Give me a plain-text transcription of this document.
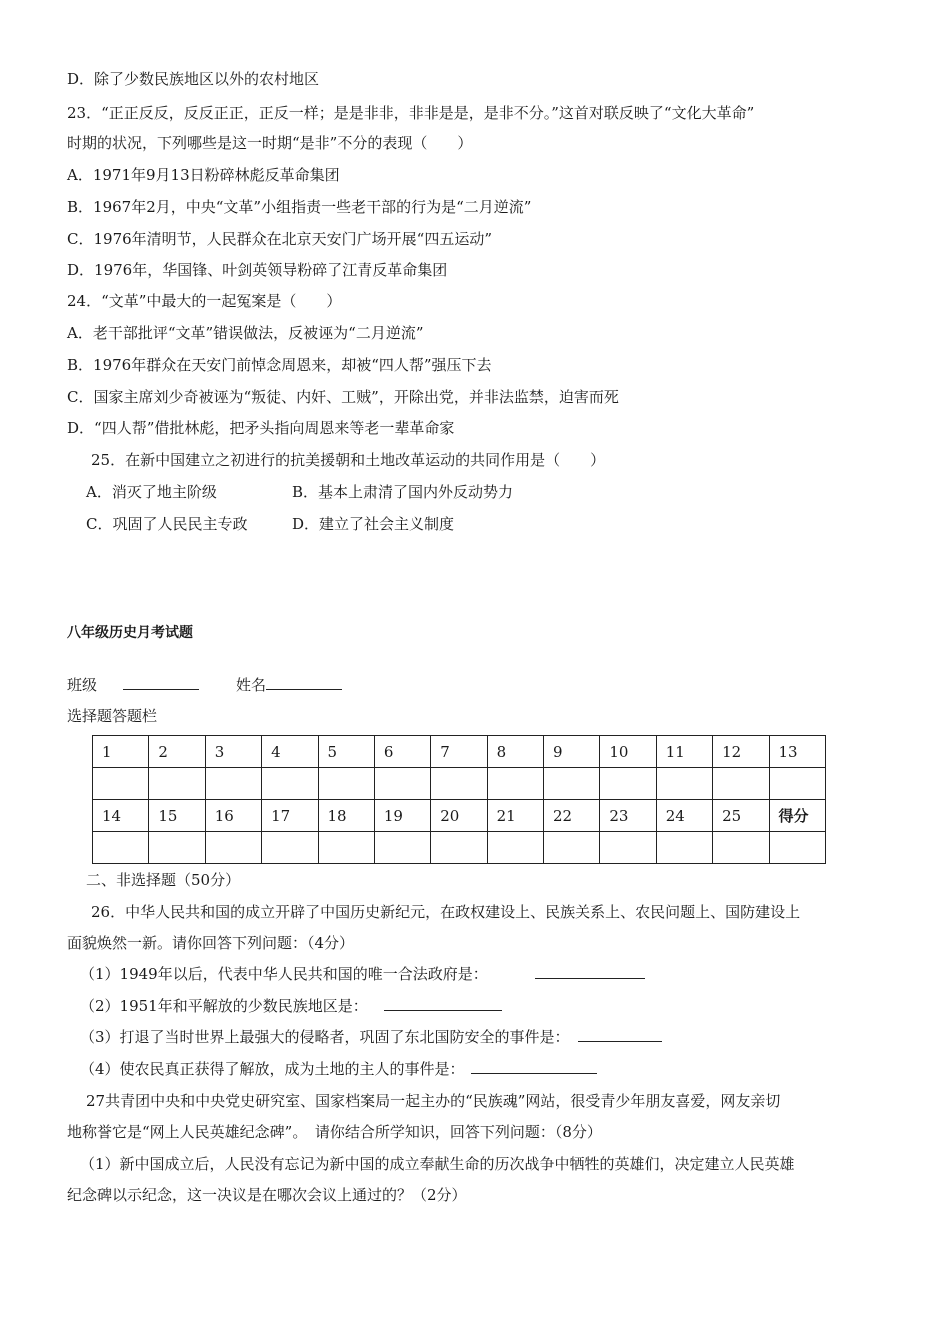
D．除了少数民族地区以外的农村地区
23．“正正反反，反反正正，正反一样；是是非非，非非是是，是非不分。”这首对联反映了“文化大革命”
时期的状况，下列哪些是这一时期“是非”不分的表现（　　）
A．1971年9月13日粉碎林彪反革命集团
B．1967年2月，中央“文革”小组指责一些老干部的行为是“二月逆流”
C．1976年清明节，人民群众在北京天安门广场开展“四五运动”
D．1976年，华国锋、叶剑英领导粉碎了江青反革命集团
24．“文革”中最大的一起冤案是（　　）
A．老干部批评“文革”错误做法，反被诬为“二月逆流”
B．1976年群众在天安门前悼念周恩来，却被“四人帮”强压下去
C．国家主席刘少奇被诬为“叛徒、内奸、工贼”，开除出党，并非法监禁，迫害而死
D．“四人帮”借批林彪，把矛头指向周恩来等老一辈革命家
25．在新中国建立之初进行的抗美援朝和土地改革运动的共同作用是（　　）
A．消灭了地主阶级	B．基本上肃清了国内外反动势力
C．巩固了人民民主专政	D．建立了社会主义制度
八年级历史月考试题
班级	姓名
选择题答题栏
1	2	3	4	5	6	7	8	9	10	11	12	13

14	15	16	17	18	19	20	21	22	23	24	25	得分

二、非选择题（50分）
26．中华人民共和国的成立开辟了中国历史新纪元，在政权建设上、民族关系上、农民问题上、国防建设上
面貌焕然一新。请你回答下列问题：（4分）
（1）1949年以后，代表中华人民共和国的唯一合法政府是：
（2）1951年和平解放的少数民族地区是：
（3）打退了当时世界上最强大的侵略者，巩固了东北国防安全的事件是：
（4）使农民真正获得了解放，成为土地的主人的事件是：
27共青团中央和中央党史研究室、国家档案局一起主办的“民族魂”网站，很受青少年朋友喜爱，网友亲切
地称誉它是“网上人民英雄纪念碑”。　请你结合所学知识，回答下列问题：（8分）
（1）新中国成立后，人民没有忘记为新中国的成立奉献生命的历次战争中牺牲的英雄们，决定建立人民英雄
纪念碑以示纪念，这一决议是在哪次会议上通过的？（2分）
